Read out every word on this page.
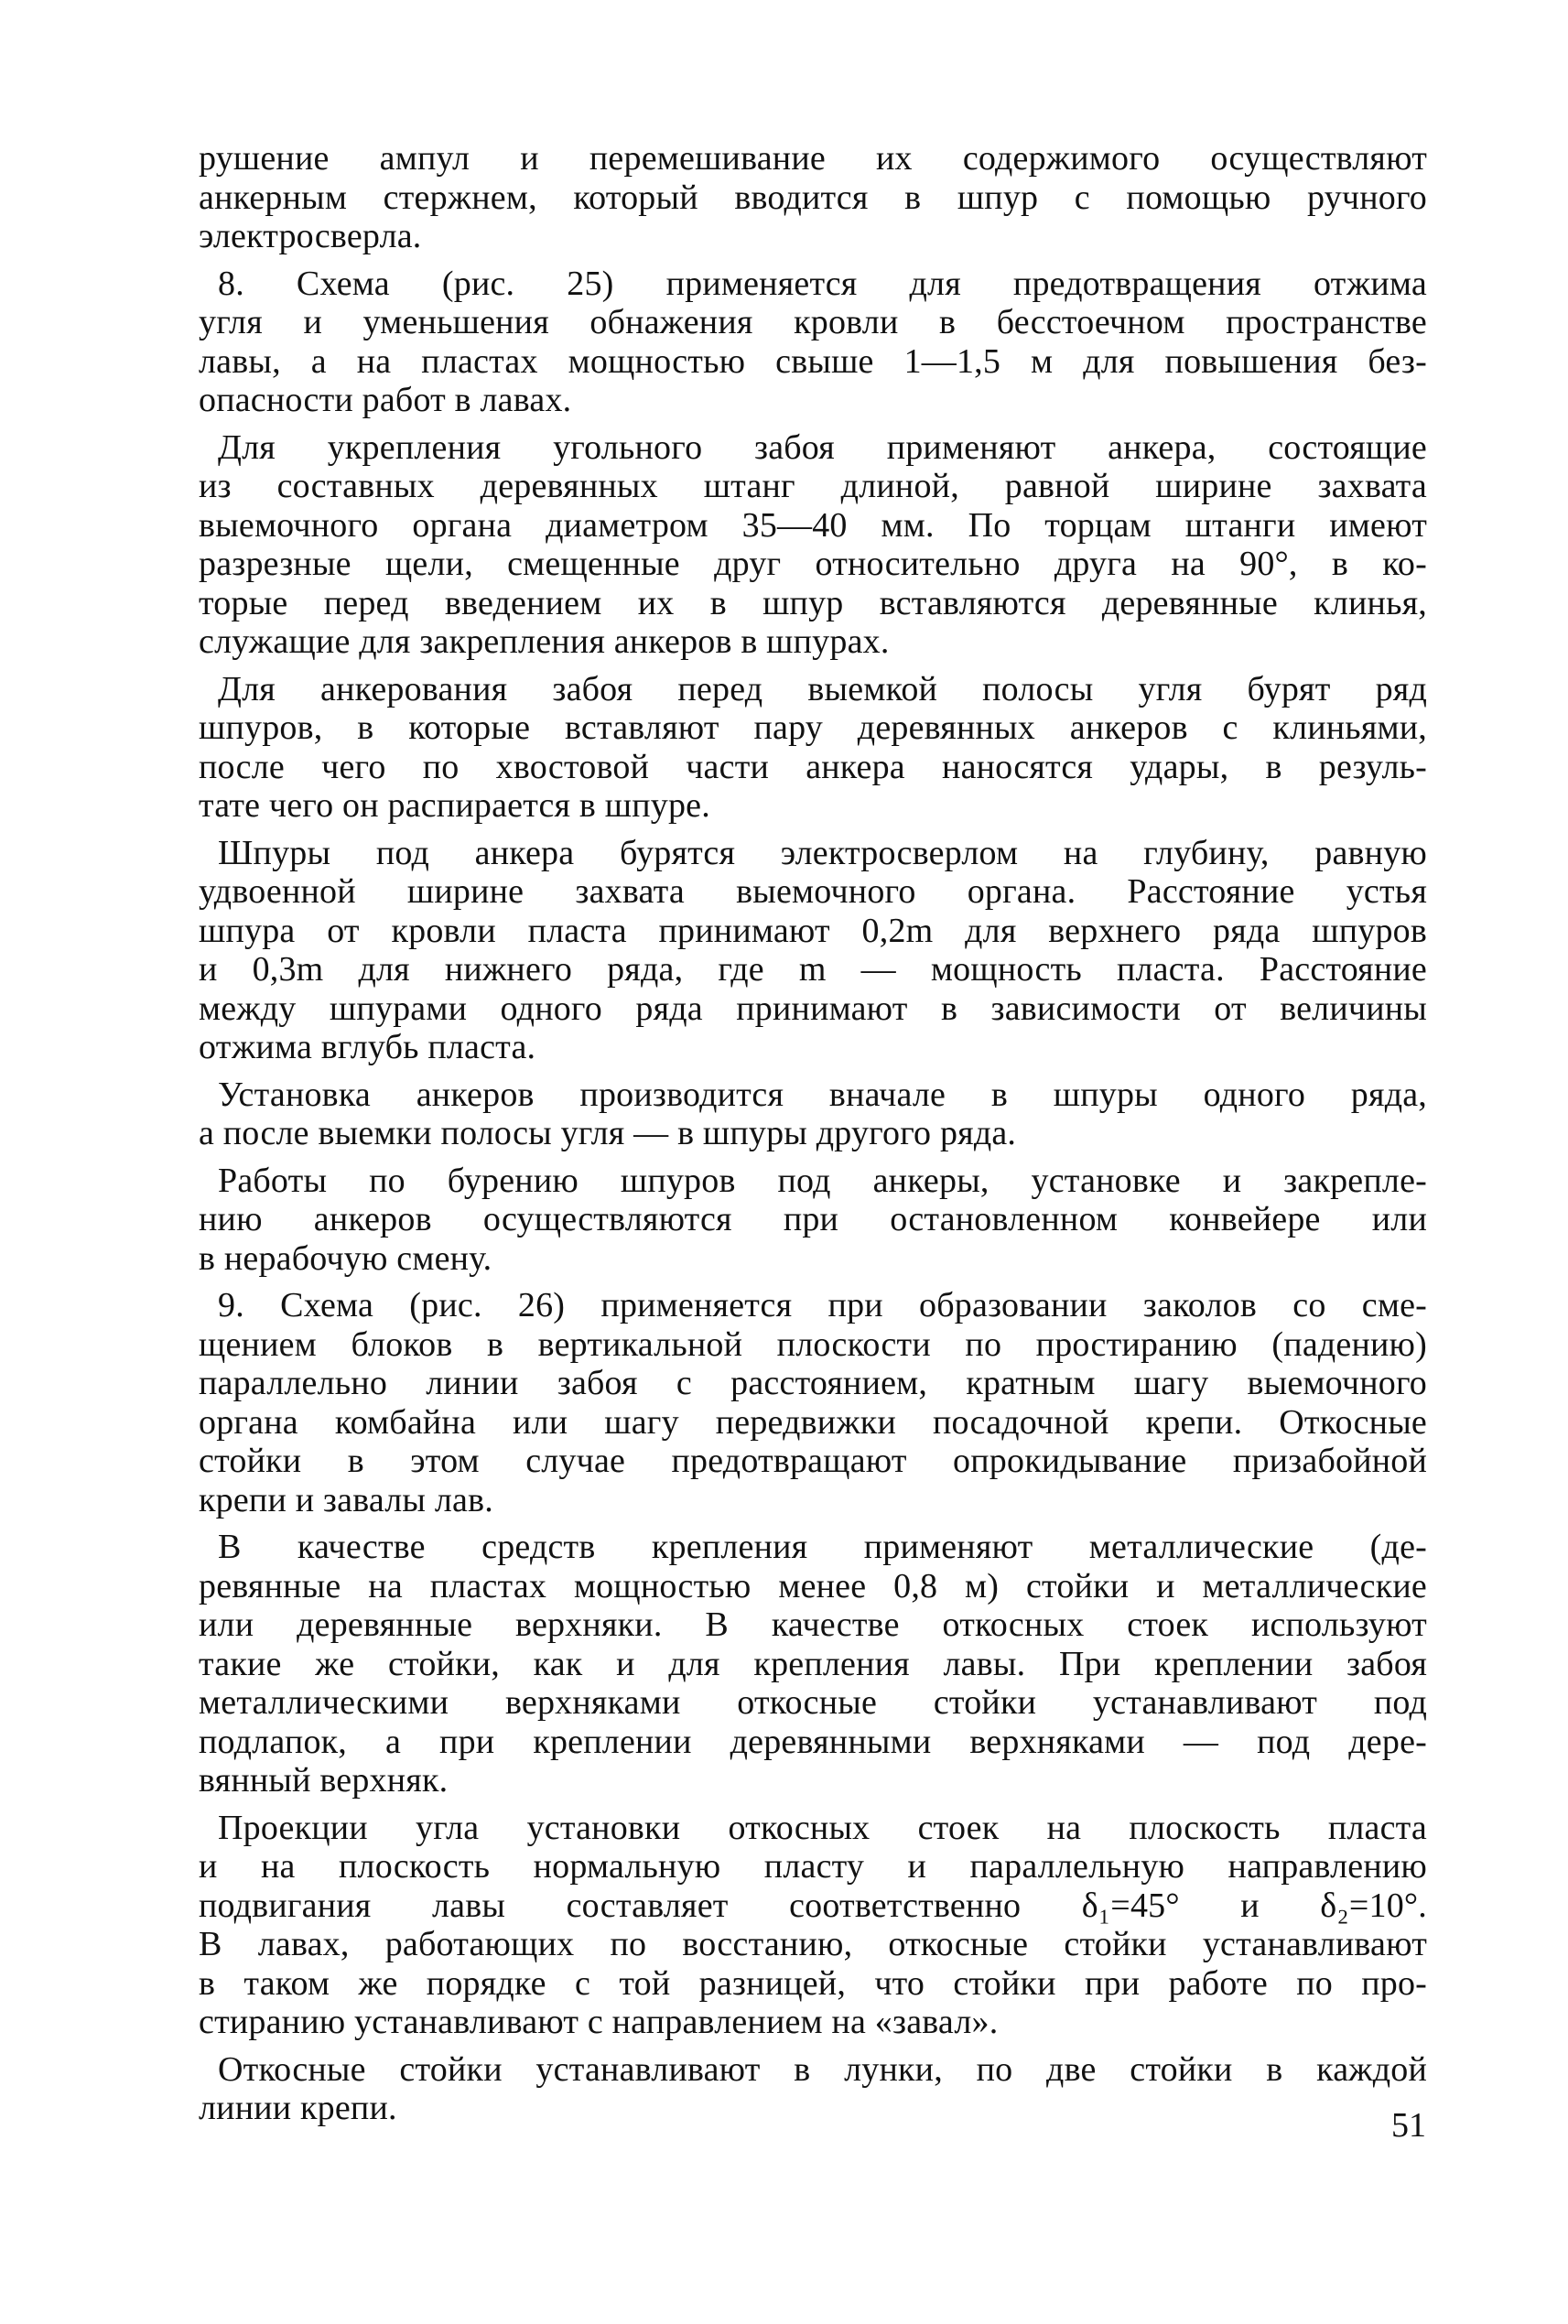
рушение ампул и перемешивание их содержимого осуществляют
анкерным стержнем, который вводится в шпур с помощью ручного
электросверла.
8. Схема (рис. 25) применяется для предотвращения отжима
угля и уменьшения обнажения кровли в бесстоечном пространстве
лавы, а на пластах мощностью свыше 1—1,5 м для повышения без-
опасности работ в лавах.
Для укрепления угольного забоя применяют анкера, состоящие
из составных деревянных штанг длиной, равной ширине захвата
выемочного органа диаметром 35—40 мм. По торцам штанги имеют
разрезные щели, смещенные друг относительно друга на 90°, в ко-
торые перед введением их в шпур вставляются деревянные клинья,
служащие для закрепления анкеров в шпурах.
Для анкерования забоя перед выемкой полосы угля бурят ряд
шпуров, в которые вставляют пару деревянных анкеров с клиньями,
после чего по хвостовой части анкера наносятся удары, в резуль-
тате чего он распирается в шпуре.
Шпуры под анкера бурятся электросверлом на глубину, равную
удвоенной ширине захвата выемочного органа. Расстояние устья
шпура от кровли пласта принимают 0,2m для верхнего ряда шпуров
и 0,3m для нижнего ряда, где m — мощность пласта. Расстояние
между шпурами одного ряда принимают в зависимости от величины
отжима вглубь пласта.
Установка анкеров производится вначале в шпуры одного ряда,
а после выемки полосы угля — в шпуры другого ряда.
Работы по бурению шпуров под анкеры, установке и закрепле-
нию анкеров осуществляются при остановленном конвейере или
в нерабочую смену.
9. Схема (рис. 26) применяется при образовании заколов со сме-
щением блоков в вертикальной плоскости по простиранию (падению)
параллельно линии забоя с расстоянием, кратным шагу выемочного
органа комбайна или шагу передвижки посадочной крепи. Откосные
стойки в этом случае предотвращают опрокидывание призабойной
крепи и завалы лав.
В качестве средств крепления применяют металлические (де-
ревянные на пластах мощностью менее 0,8 м) стойки и металлические
или деревянные верхняки. В качестве откосных стоек используют
такие же стойки, как и для крепления лавы. При креплении забоя
металлическими верхняками откосные стойки устанавливают под
подлапок, а при креплении деревянными верхняками — под дере-
вянный верхняк.
Проекции угла установки откосных стоек на плоскость пласта
и на плоскость нормальную пласту и параллельную направлению
подвигания лавы составляет соответственно δ₁=45° и δ₂=10°.
В лавах, работающих по восстанию, откосные стойки устанавливают
в таком же порядке с той разницей, что стойки при работе по про-
стиранию устанавливают с направлением на «завал».
Откосные стойки устанавливают в лунки, по две стойки в каждой
линии крепи.	51
